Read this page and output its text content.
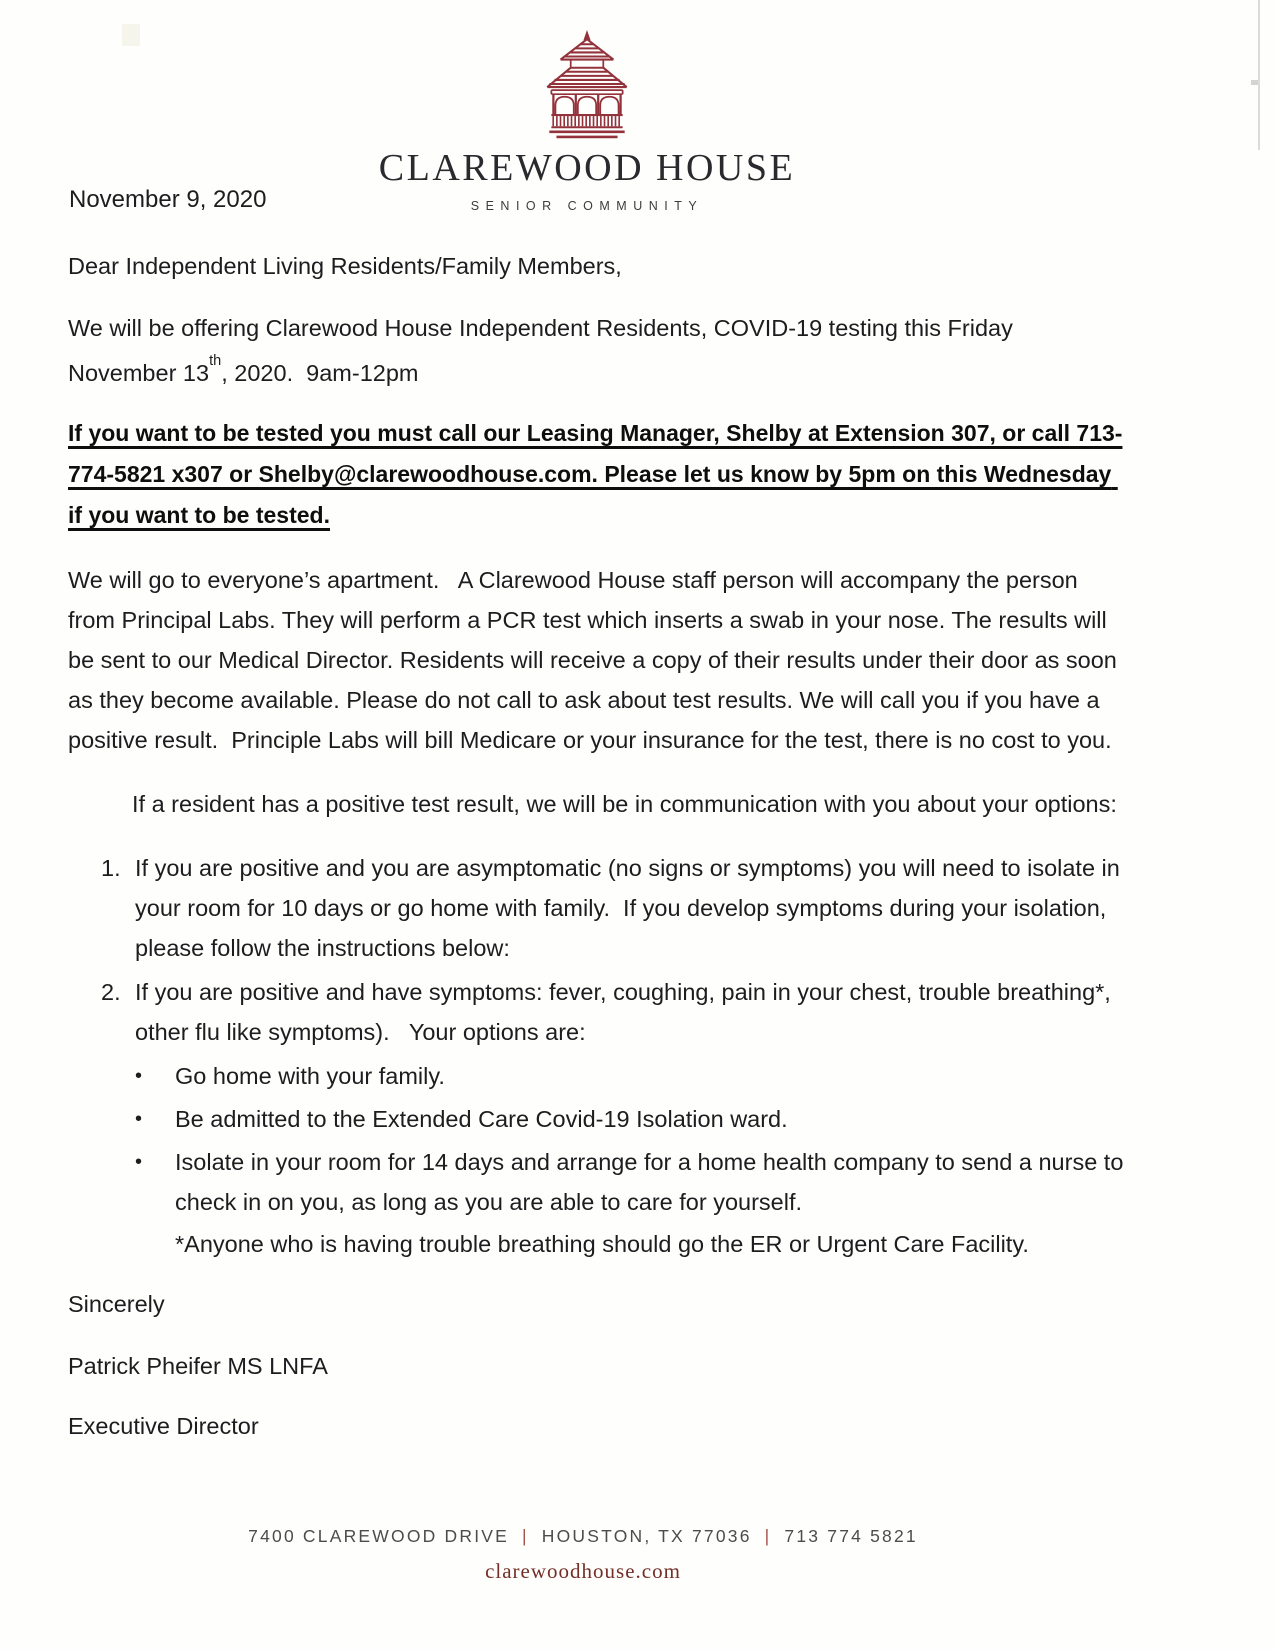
CLAREWOOD HOUSE
SENIOR COMMUNITY
November 9, 2020

Dear Independent Living Residents/Family Members,

We will be offering Clarewood House Independent Residents, COVID-19 testing this Friday November 13th, 2020.  9am-12pm

If you want to be tested you must call our Leasing Manager, Shelby at Extension 307, or call 713-774-5821 x307 or Shelby@clarewoodhouse.com. Please let us know by 5pm on this Wednesday if you want to be tested.

We will go to everyone’s apartment.   A Clarewood House staff person will accompany the person from Principal Labs. They will perform a PCR test which inserts a swab in your nose. The results will be sent to our Medical Director. Residents will receive a copy of their results under their door as soon as they become available. Please do not call to ask about test results. We will call you if you have a positive result.  Principle Labs will bill Medicare or your insurance for the test, there is no cost to you.

If a resident has a positive test result, we will be in communication with you about your options:

1. If you are positive and you are asymptomatic (no signs or symptoms) you will need to isolate in your room for 10 days or go home with family.  If you develop symptoms during your isolation, please follow the instructions below:
2. If you are positive and have symptoms: fever, coughing, pain in your chest, trouble breathing*, other flu like symptoms).   Your options are:
•	Go home with your family.
•	Be admitted to the Extended Care Covid-19 Isolation ward.
•	Isolate in your room for 14 days and arrange for a home health company to send a nurse to check in on you, as long as you are able to care for yourself.
*Anyone who is having trouble breathing should go the ER or Urgent Care Facility.

Sincerely

Patrick Pheifer MS LNFA

Executive Director

7400 CLAREWOOD DRIVE | HOUSTON, TX 77036 | 713 774 5821
clarewoodhouse.com
